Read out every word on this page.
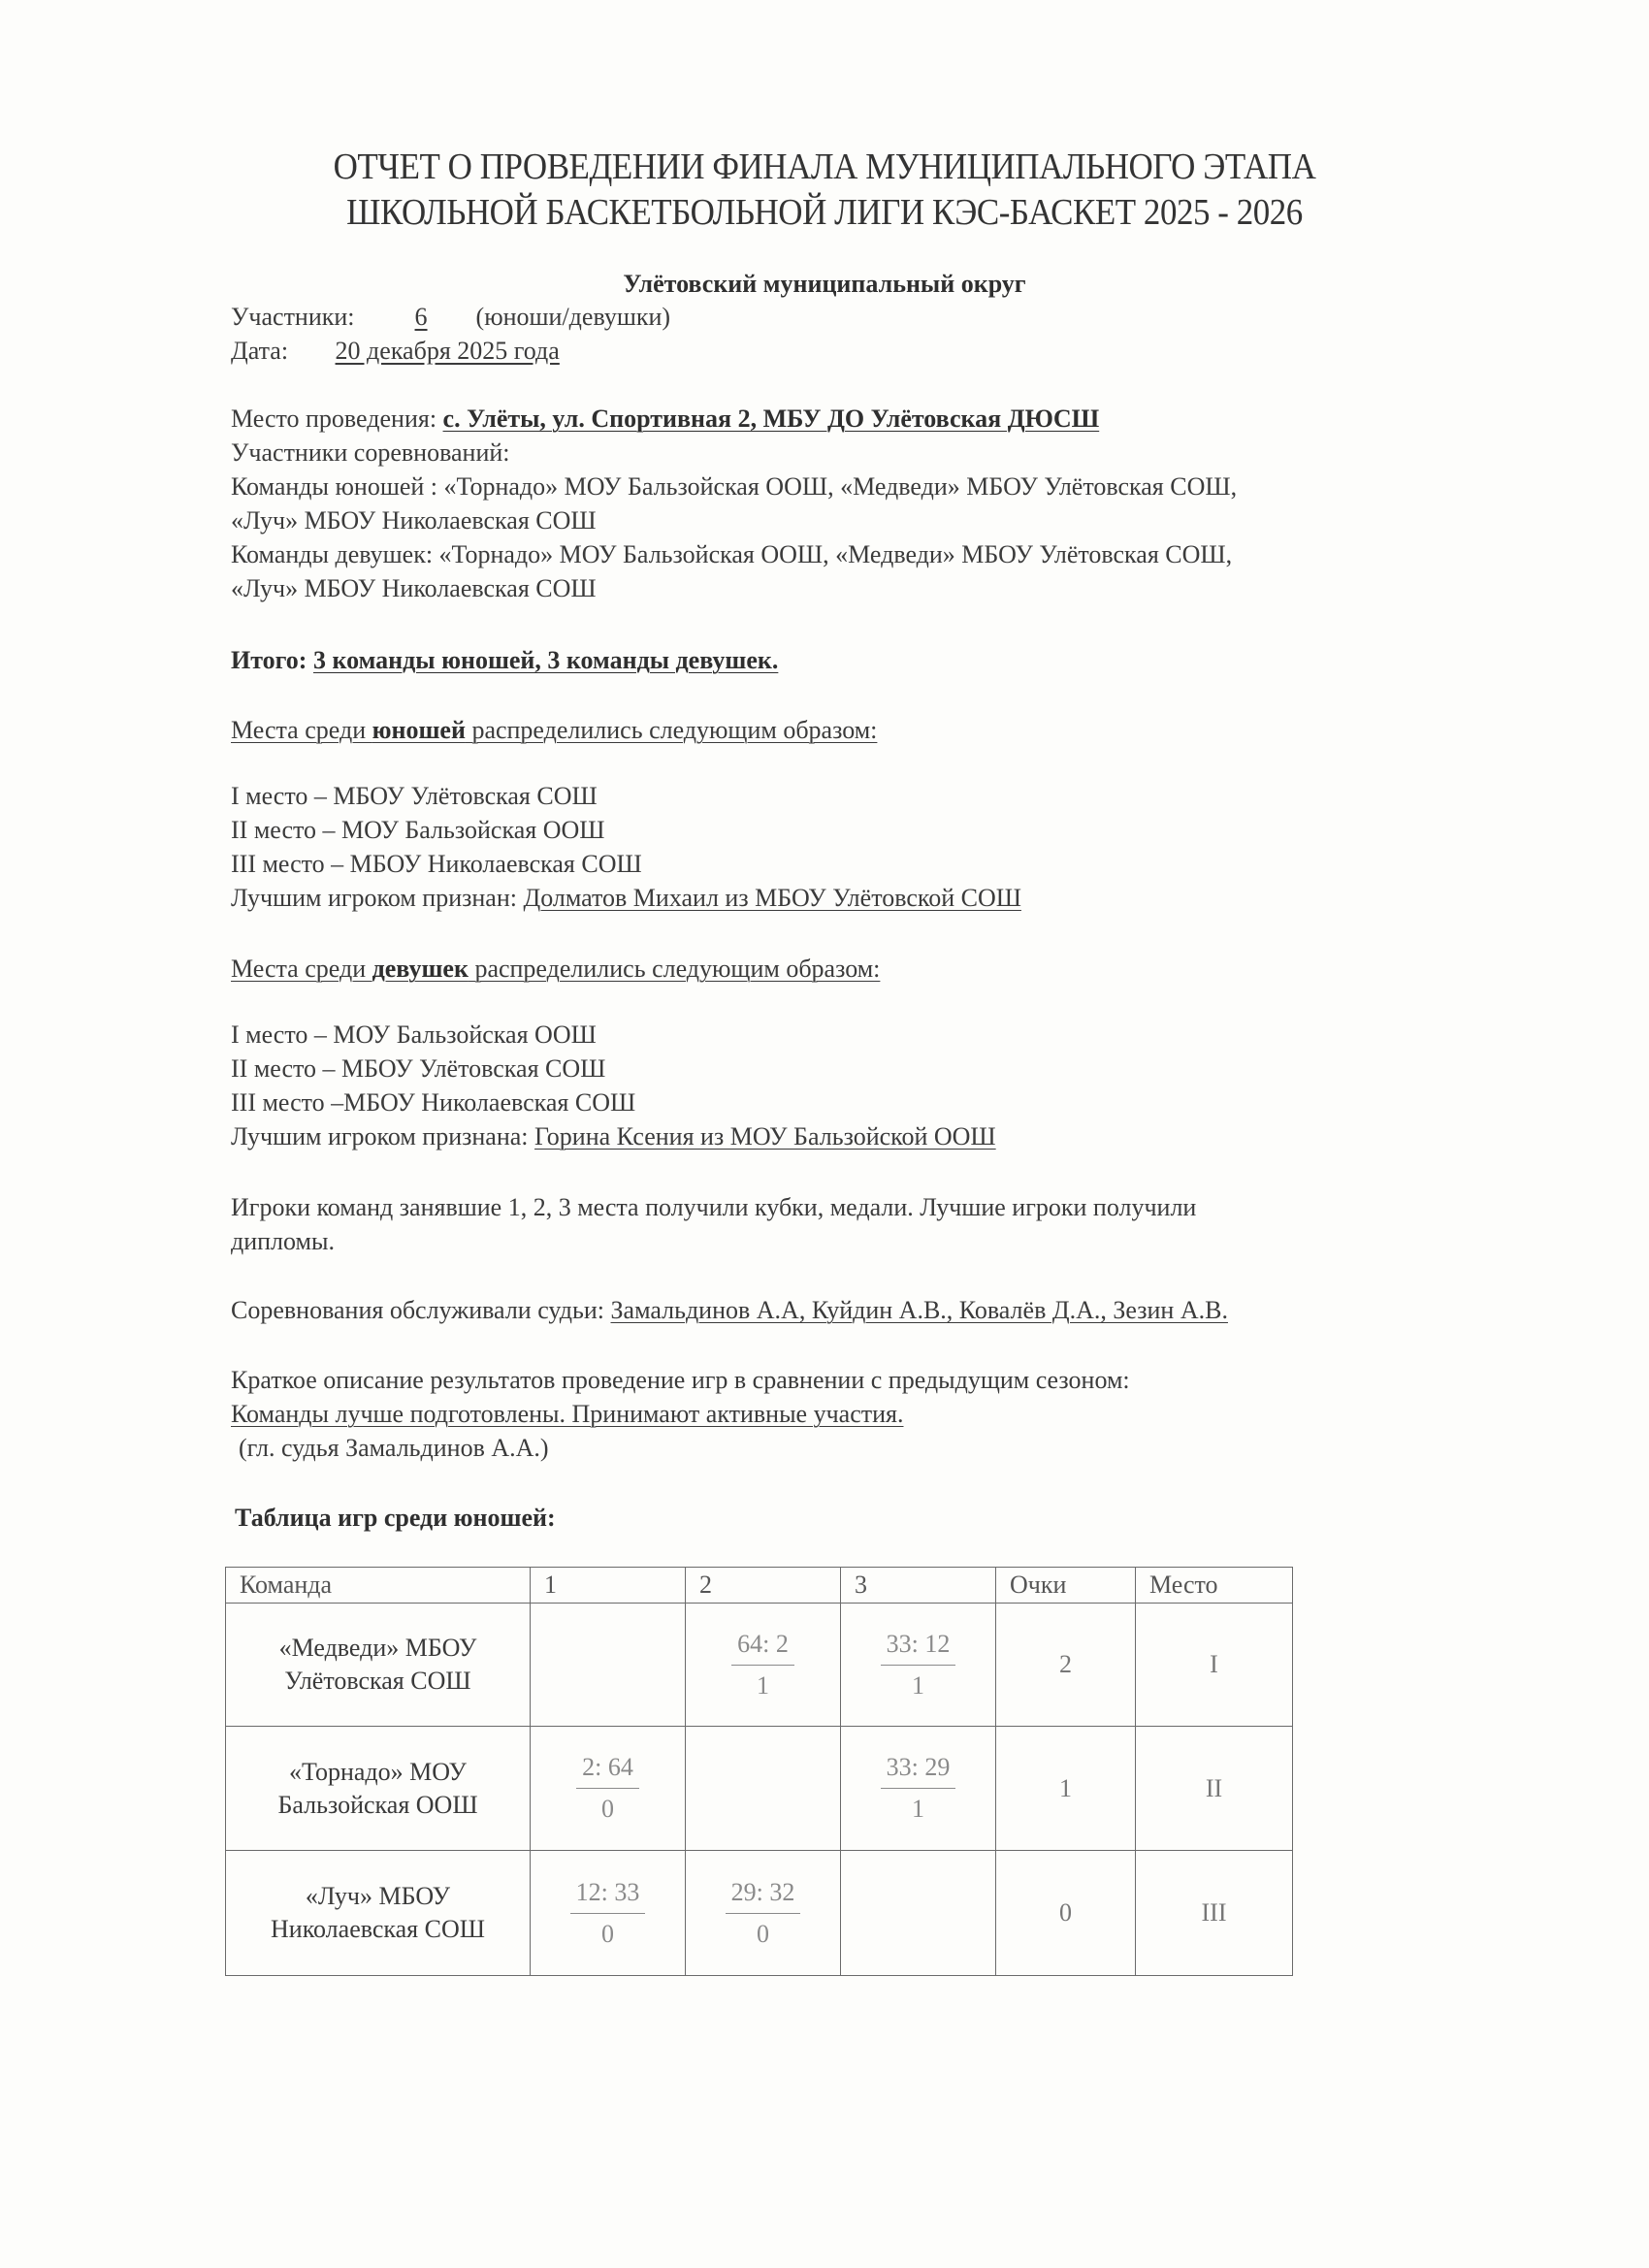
ОТЧЕТ О ПРОВЕДЕНИИ ФИНАЛА МУНИЦИПАЛЬНОГО ЭТАПА
ШКОЛЬНОЙ БАСКЕТБОЛЬНОЙ ЛИГИ КЭС-БАСКЕТ 2025 - 2026
Улётовский муниципальный округ
Участники: 6 (юноши/девушки)
Дата: 20 декабря 2025 года
Место проведения: с. Улёты, ул. Спортивная 2, МБУ ДО Улётовская ДЮСШ
Участники соревнований:
Команды юношей : «Торнадо» МОУ Бальзойская ООШ, «Медведи» МБОУ Улётовская СОШ,
«Луч» МБОУ Николаевская СОШ
Команды девушек: «Торнадо» МОУ Бальзойская ООШ, «Медведи» МБОУ Улётовская СОШ,
«Луч» МБОУ Николаевская СОШ
Итого: 3 команды юношей, 3 команды девушек.
Места среди юношей распределились следующим образом:
I место – МБОУ Улётовская СОШ
II место – МОУ Бальзойская ООШ
III место – МБОУ Николаевская СОШ
Лучшим игроком признан: Долматов Михаил из МБОУ Улётовской СОШ
Места среди девушек распределились следующим образом:
I место – МОУ Бальзойская ООШ
II место – МБОУ Улётовская СОШ
III место –МБОУ Николаевская СОШ
Лучшим игроком признана: Горина Ксения из МОУ Бальзойской ООШ
Игроки команд занявшие 1, 2, 3 места получили кубки, медали. Лучшие игроки получили
дипломы.
Соревнования обслуживали судьи: Замальдинов А.А, Куйдин А.В., Ковалёв Д.А., Зезин А.В.
Краткое описание результатов проведение игр в сравнении с предыдущим сезоном:
Команды лучше подготовлены. Принимают активные участия.
(гл. судья Замальдинов А.А.)
Таблица игр среди юношей:
Команда	1	2	3	Очки	Место

«Медведи» МБОУ
Улётовская СОШ		$\frac{64: 2}{1}$	$\frac{33: 12}{1}$	2	I

«Торнадо» МОУ
Бальзойская ООШ	$\frac{2: 64}{0}$		$\frac{33: 29}{1}$	1	II

«Луч» МБОУ
Николаевская СОШ	$\frac{12: 33}{0}$	$\frac{29: 32}{0}$		0	III
